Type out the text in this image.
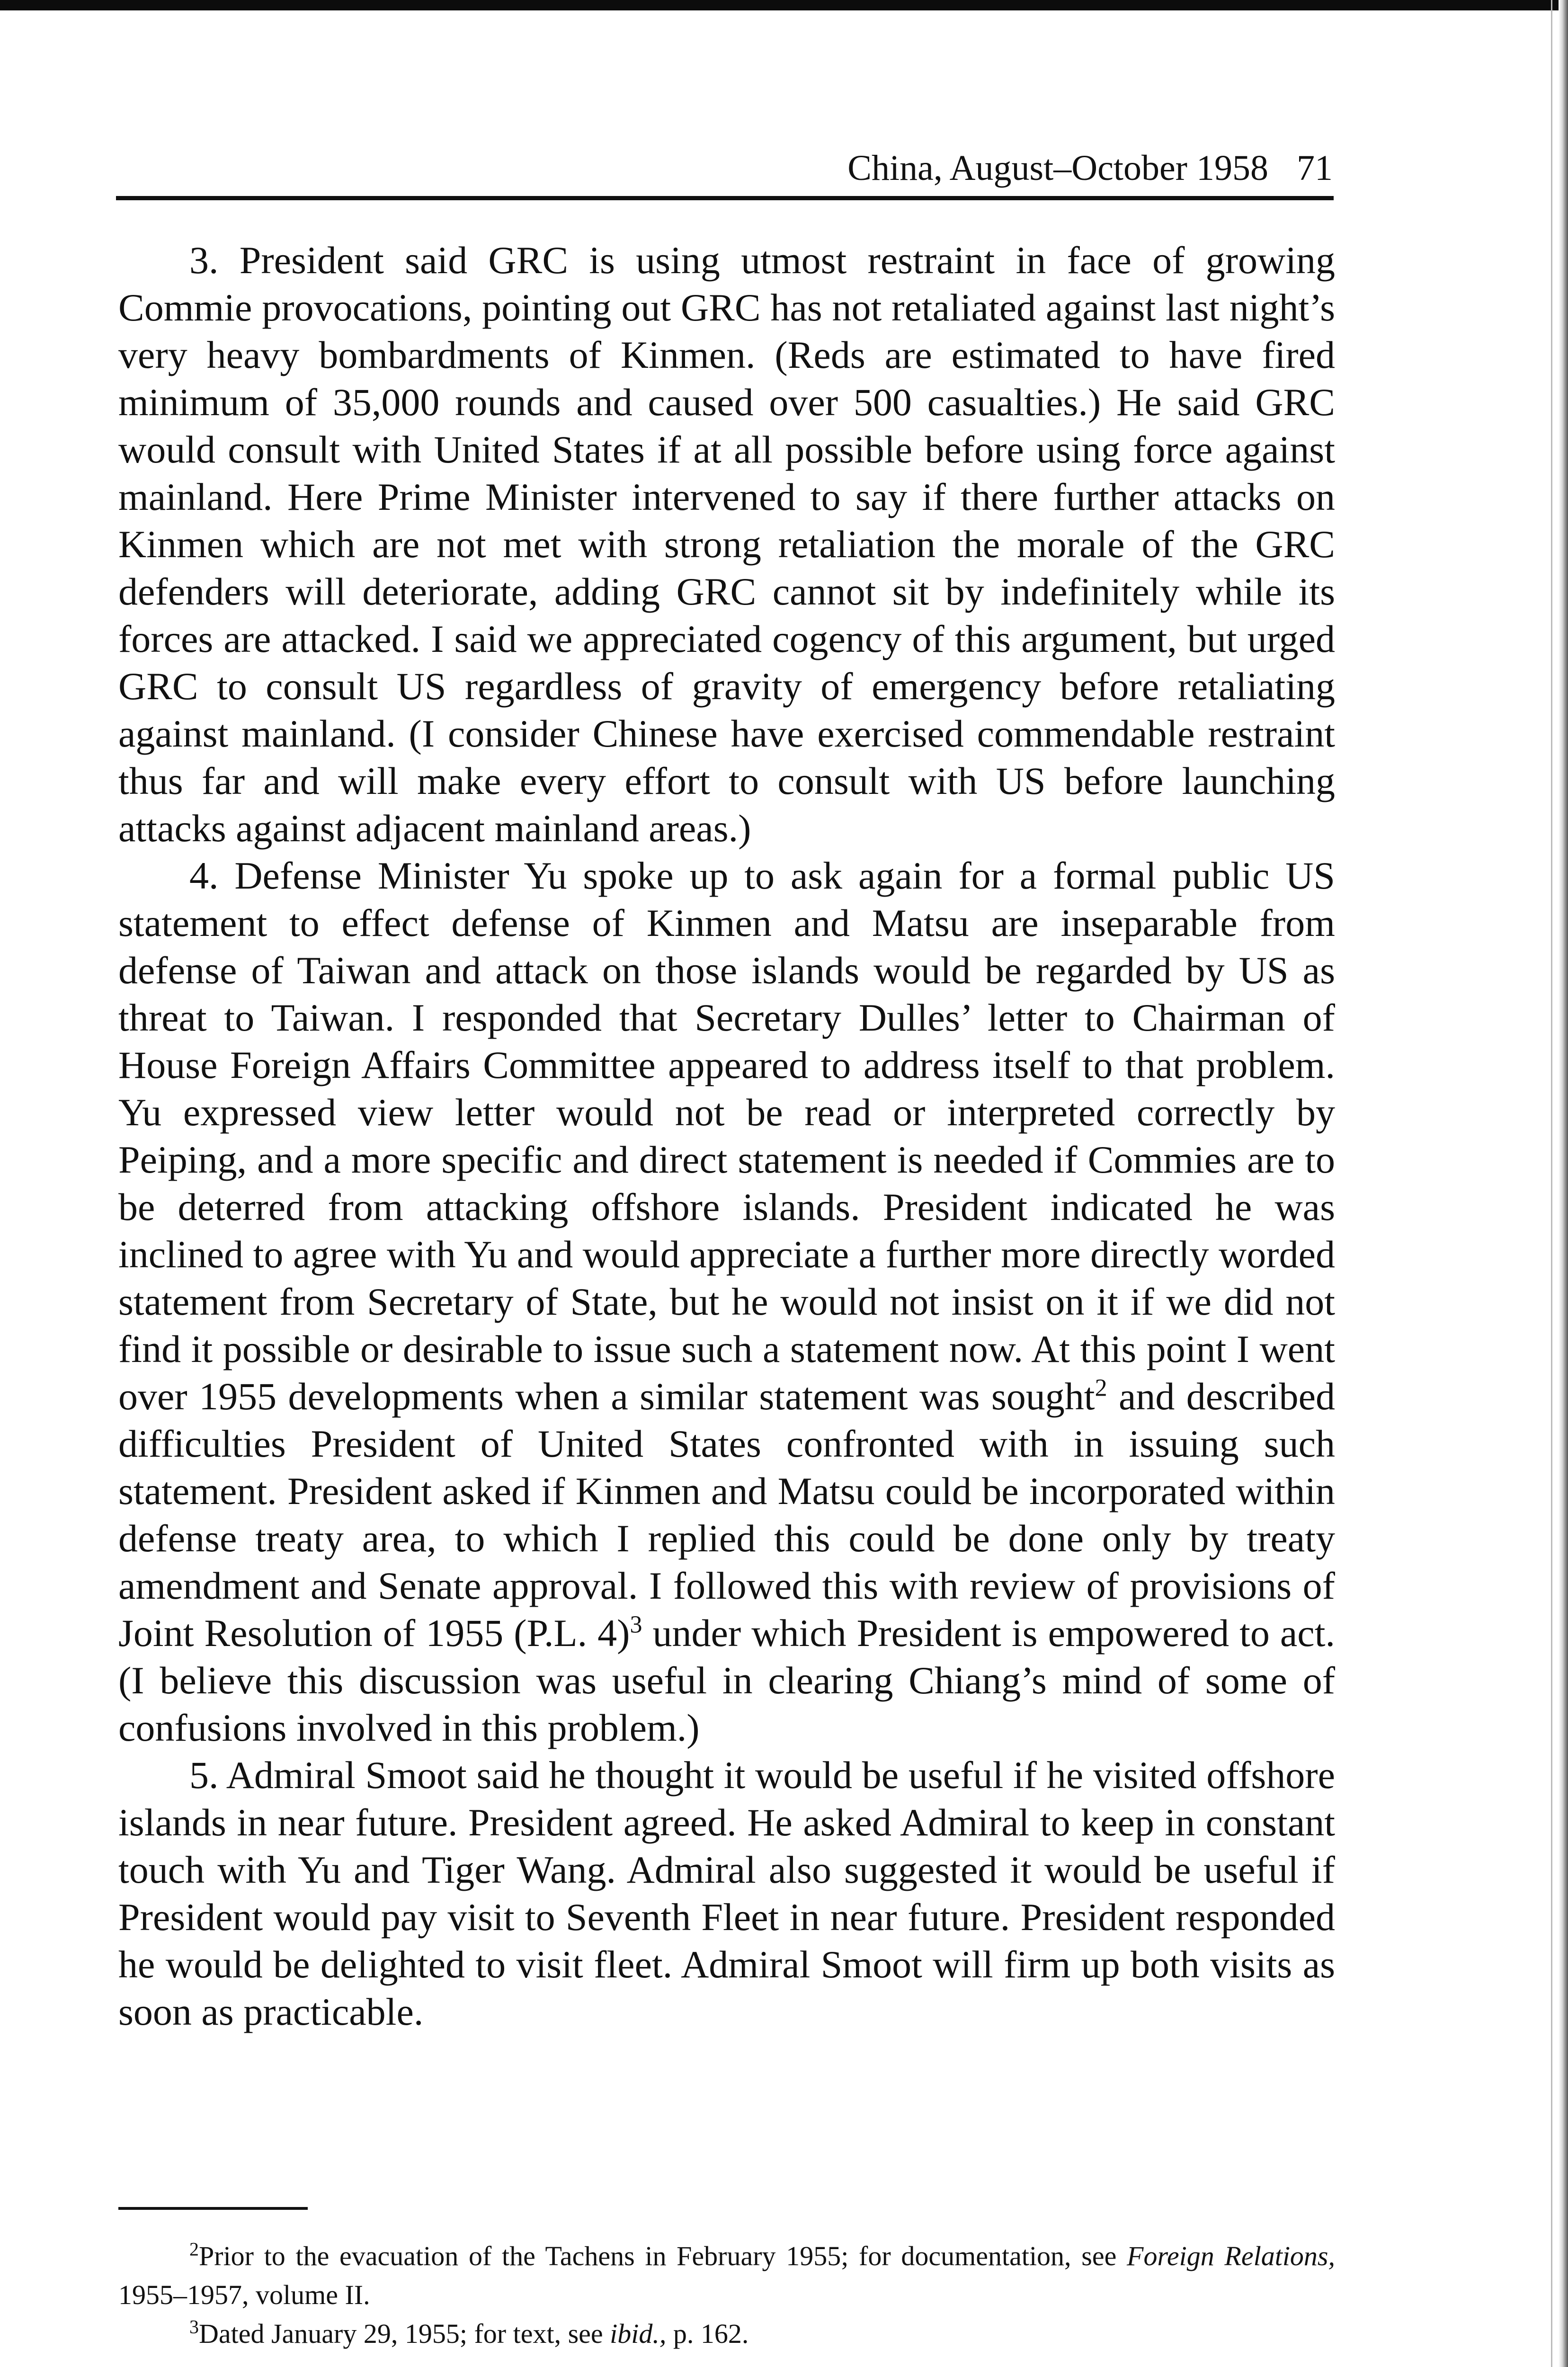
China, August–October 1958 71

3. President said GRC is using utmost restraint in face of growing Commie provocations, pointing out GRC has not retaliated against last night’s very heavy bombardments of Kinmen. (Reds are estimated to have fired minimum of 35,000 rounds and caused over 500 casualties.) He said GRC would consult with United States if at all possible before using force against mainland. Here Prime Minister intervened to say if there further attacks on Kinmen which are not met with strong retaliation the morale of the GRC defenders will deteriorate, adding GRC cannot sit by indefinitely while its forces are attacked. I said we appreciated cogency of this argument, but urged GRC to consult US regardless of gravity of emergency before retaliating against mainland. (I consider Chinese have exercised commendable restraint thus far and will make every effort to consult with US before launching attacks against adjacent mainland areas.)

4. Defense Minister Yu spoke up to ask again for a formal public US statement to effect defense of Kinmen and Matsu are inseparable from defense of Taiwan and attack on those islands would be regarded by US as threat to Taiwan. I responded that Secretary Dulles’ letter to Chairman of House Foreign Affairs Committee appeared to address itself to that problem. Yu expressed view letter would not be read or interpreted correctly by Peiping, and a more specific and direct statement is needed if Commies are to be deterred from attacking offshore islands. President indicated he was inclined to agree with Yu and would appreciate a further more directly worded statement from Secretary of State, but he would not insist on it if we did not find it possible or desirable to issue such a statement now. At this point I went over 1955 developments when a similar statement was sought$^2$ and described difficulties President of United States confronted with in issuing such statement. President asked if Kinmen and Matsu could be incorporated within defense treaty area, to which I replied this could be done only by treaty amendment and Senate approval. I followed this with review of provisions of Joint Resolution of 1955 (P.L. 4)$^3$ under which President is empowered to act. (I believe this discussion was useful in clearing Chiang’s mind of some of confusions involved in this problem.)

5. Admiral Smoot said he thought it would be useful if he visited offshore islands in near future. President agreed. He asked Admiral to keep in constant touch with Yu and Tiger Wang. Admiral also suggested it would be useful if President would pay visit to Seventh Fleet in near future. President responded he would be delighted to visit fleet. Admiral Smoot will firm up both visits as soon as practicable.

$^2$Prior to the evacuation of the Tachens in February 1955; for documentation, see Foreign Relations, 1955–1957, volume II.

$^3$Dated January 29, 1955; for text, see ibid., p. 162.
